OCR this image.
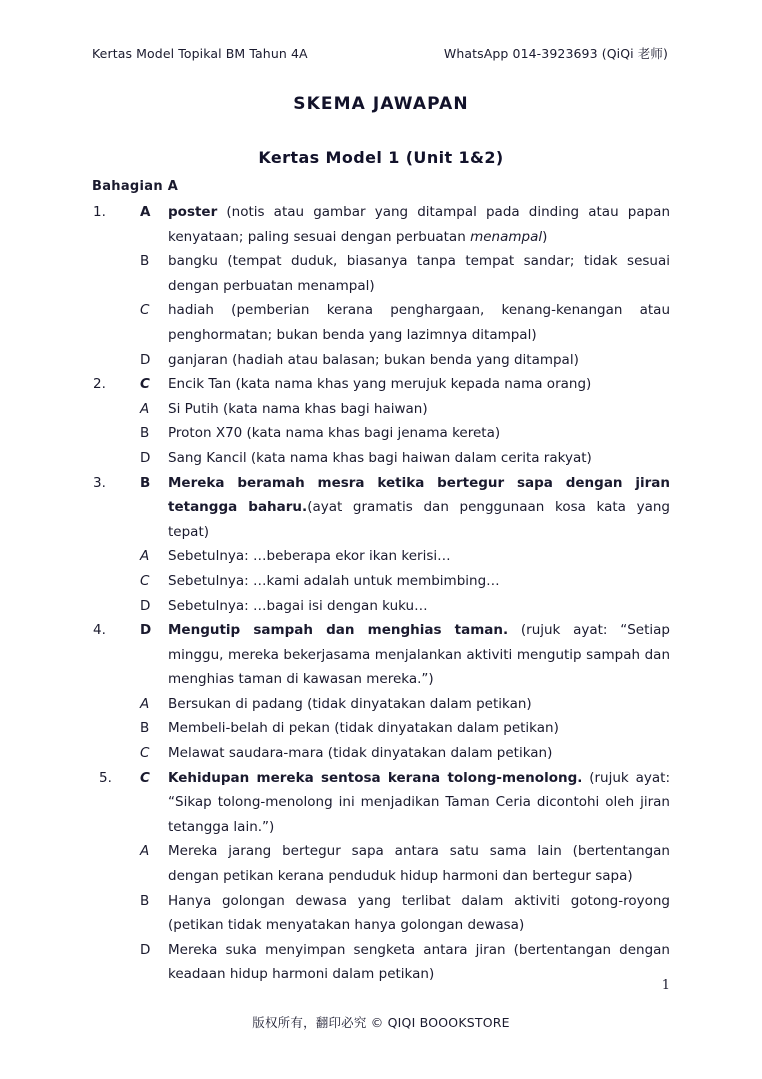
Kertas Model Topikal BM Tahun 4A	WhatsApp 014-3923693 (QiQi 老师)
SKEMA JAWAPAN
Kertas Model 1 (Unit 1&2)
Bahagian A
1.	A	poster (notis atau gambar yang ditampal pada dinding atau papan kenyataan; paling sesuai dengan perbuatan menampal)
B	bangku (tempat duduk, biasanya tanpa tempat sandar; tidak sesuai dengan perbuatan menampal)
C	hadiah (pemberian kerana penghargaan, kenang-kenangan atau penghormatan; bukan benda yang lazimnya ditampal)
D	ganjaran (hadiah atau balasan; bukan benda yang ditampal)
2.	C	Encik Tan (kata nama khas yang merujuk kepada nama orang)
A	Si Putih (kata nama khas bagi haiwan)
B	Proton X70 (kata nama khas bagi jenama kereta)
D	Sang Kancil (kata nama khas bagi haiwan dalam cerita rakyat)
3.	B	Mereka beramah mesra ketika bertegur sapa dengan jiran tetangga baharu.(ayat gramatis dan penggunaan kosa kata yang tepat)
A	Sebetulnya: …beberapa ekor ikan kerisi…
C	Sebetulnya: …kami adalah untuk membimbing…
D	Sebetulnya: …bagai isi dengan kuku…
4.	D	Mengutip sampah dan menghias taman. (rujuk ayat: “Setiap minggu, mereka bekerjasama menjalankan aktiviti mengutip sampah dan menghias taman di kawasan mereka.”)
A	Bersukan di padang (tidak dinyatakan dalam petikan)
B	Membeli-belah di pekan (tidak dinyatakan dalam petikan)
C	Melawat saudara-mara (tidak dinyatakan dalam petikan)
5.	C	Kehidupan mereka sentosa kerana tolong-menolong. (rujuk ayat: “Sikap tolong-menolong ini menjadikan Taman Ceria dicontohi oleh jiran tetangga lain.”)
A	Mereka jarang bertegur sapa antara satu sama lain (bertentangan dengan petikan kerana penduduk hidup harmoni dan bertegur sapa)
B	Hanya golongan dewasa yang terlibat dalam aktiviti gotong-royong (petikan tidak menyatakan hanya golongan dewasa)
D	Mereka suka menyimpan sengketa antara jiran (bertentangan dengan keadaan hidup harmoni dalam petikan)
1
版权所有，翻印必究 © QIQI BOOOKSTORE
